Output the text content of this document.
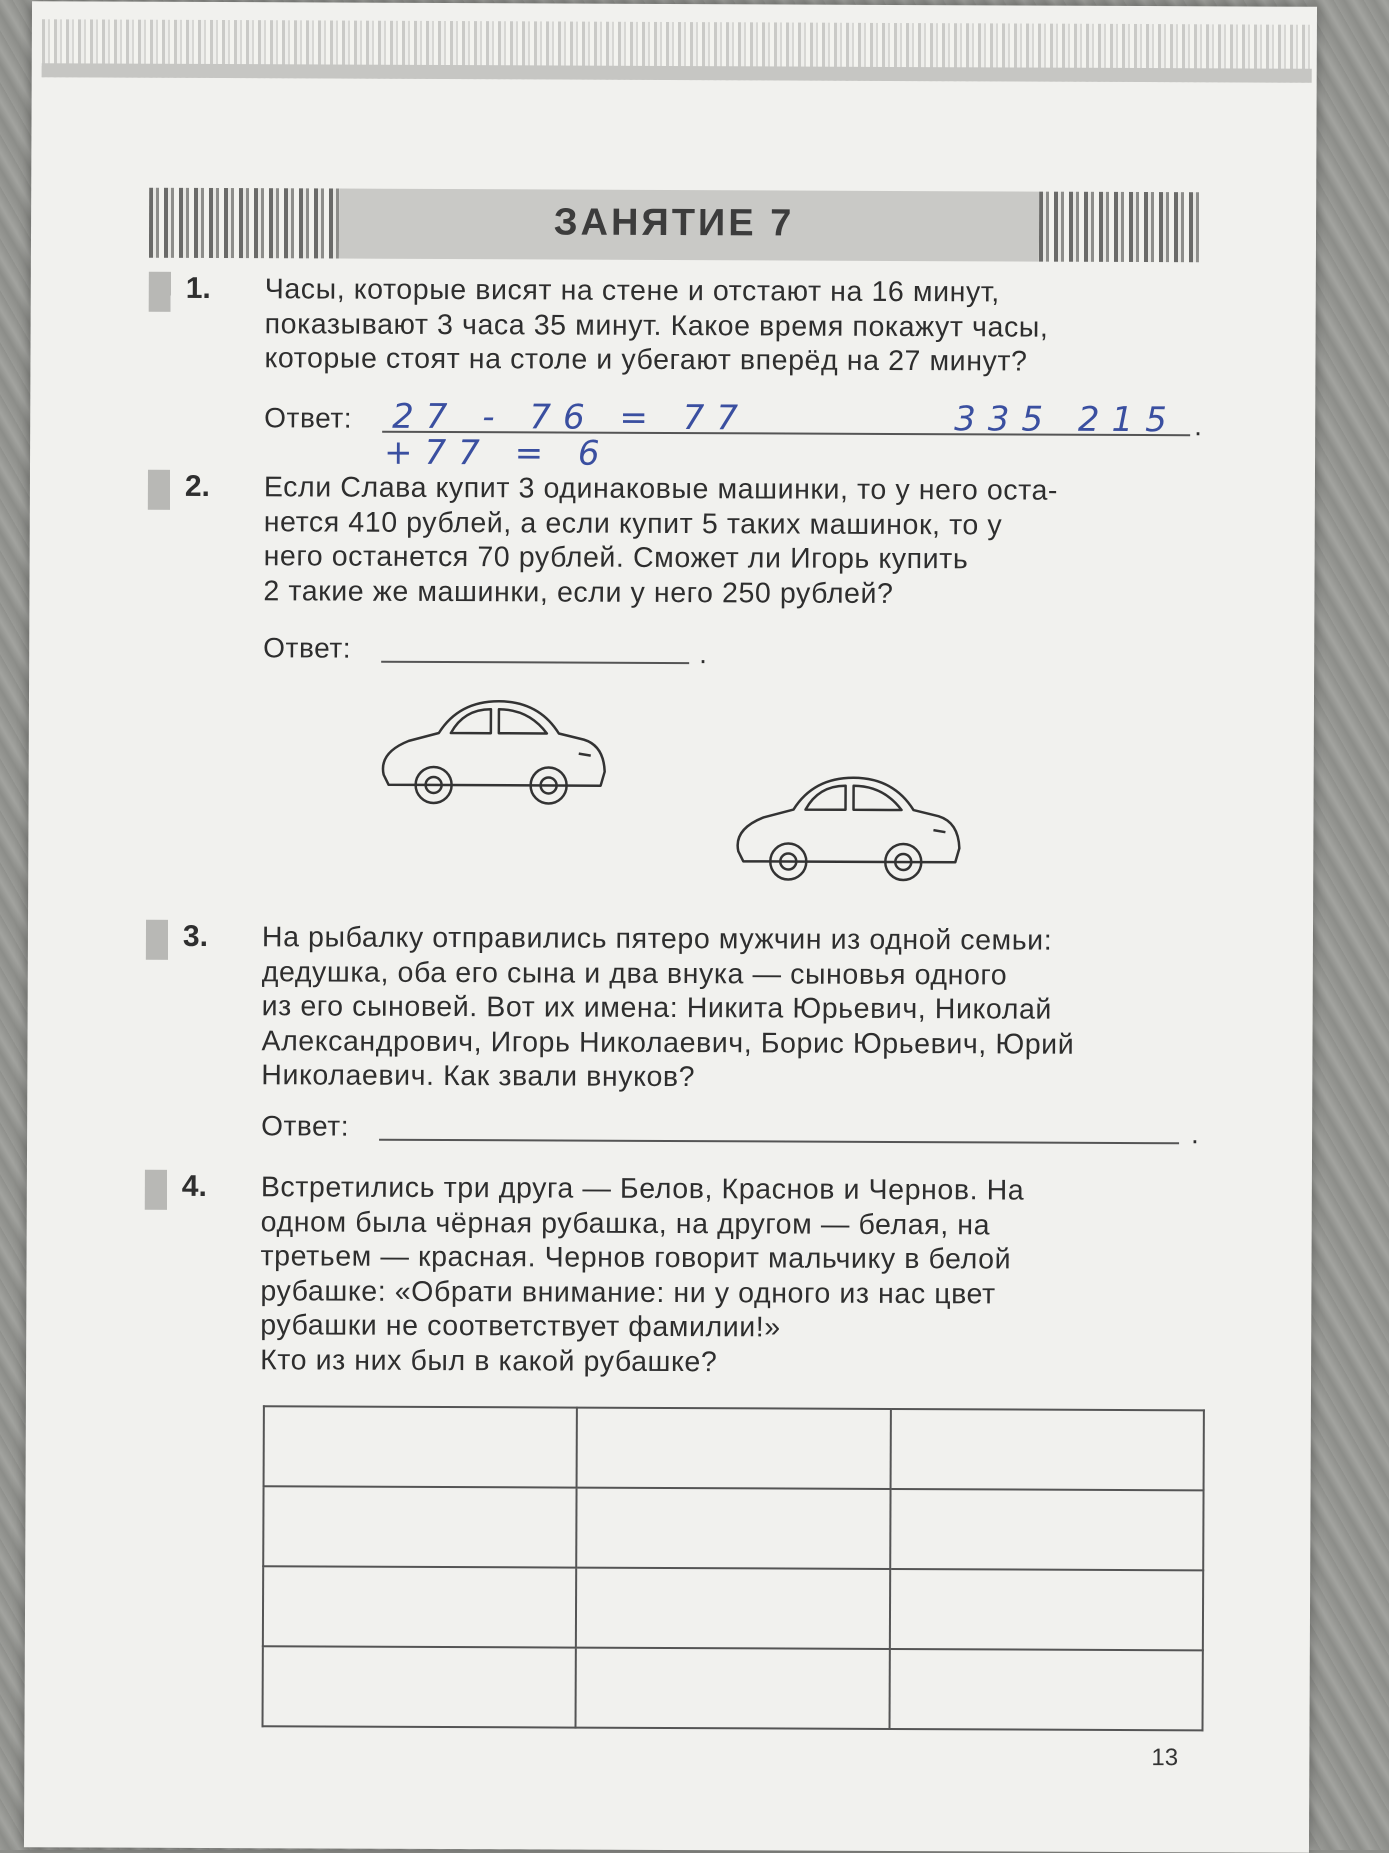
ЗАНЯТИЕ 7
1. Часы, которые висят на стене и отстают на 16 минут,
показывают 3 часа 35 минут. Какое время покажут часы,
которые стоят на столе и убегают вперёд на 27 минут?
Ответ:	.
27 - 76 = 77	335 215
+77 = 6
2. Если Слава купит 3 одинаковые машинки, то у него оста-
нется 410 рублей, а если купит 5 таких машинок, то у
него останется 70 рублей. Сможет ли Игорь купить
2 такие же машинки, если у него 250 рублей?
Ответ:	.
3. На рыбалку отправились пятеро мужчин из одной семьи:
дедушка, оба его сына и два внука — сыновья одного
из его сыновей. Вот их имена: Никита Юрьевич, Николай
Александрович, Игорь Николаевич, Борис Юрьевич, Юрий
Николаевич. Как звали внуков?
Ответ:	.
4. Встретились три друга — Белов, Краснов и Чернов. На
одном была чёрная рубашка, на другом — белая, на
третьем — красная. Чернов говорит мальчику в белой
рубашке: «Обрати внимание: ни у одного из нас цвет
рубашки не соответствует фамилии!»
Кто из них был в какой рубашке?

13
